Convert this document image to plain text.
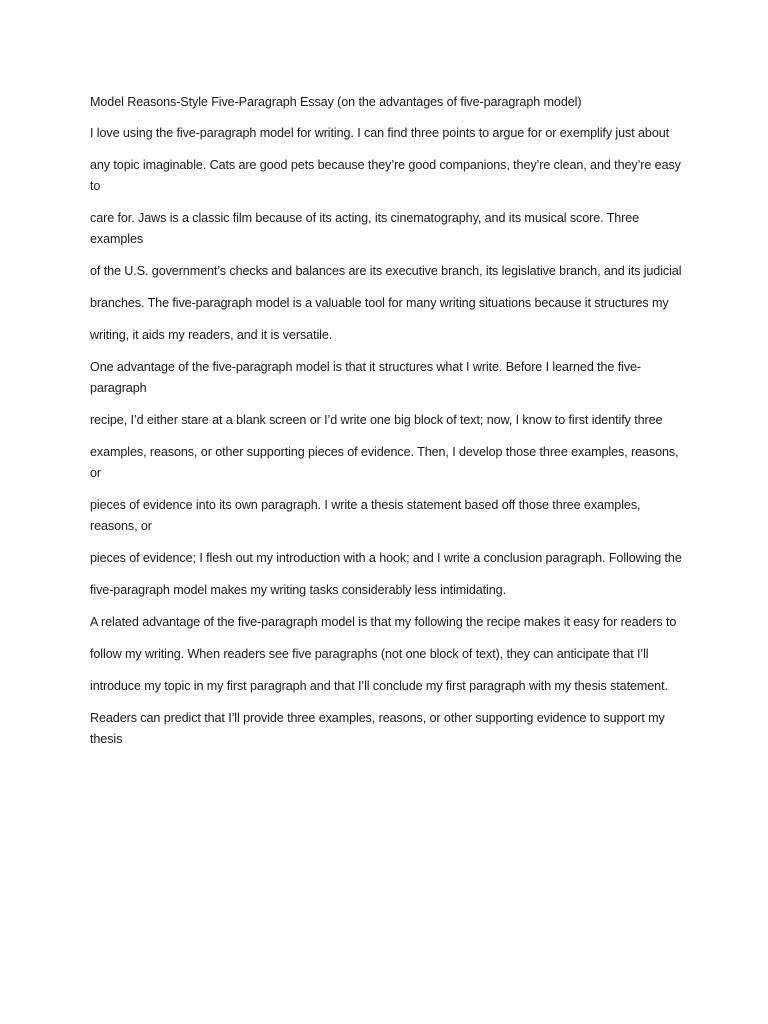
Model Reasons-Style Five-Paragraph Essay (on the advantages of five-paragraph model)
I love using the five-paragraph model for writing. I can find three points to argue for or exemplify just about
any topic imaginable. Cats are good pets because they’re good companions, they’re clean, and they’re easy to
care for. Jaws is a classic film because of its acting, its cinematography, and its musical score. Three examples
of the U.S. government’s checks and balances are its executive branch, its legislative branch, and its judicial
branches. The five-paragraph model is a valuable tool for many writing situations because it structures my
writing, it aids my readers, and it is versatile.
One advantage of the five-paragraph model is that it structures what I write. Before I learned the five-paragraph
recipe, I’d either stare at a blank screen or I’d write one big block of text; now, I know to first identify three
examples, reasons, or other supporting pieces of evidence. Then, I develop those three examples, reasons, or
pieces of evidence into its own paragraph. I write a thesis statement based off those three examples, reasons, or
pieces of evidence; I flesh out my introduction with a hook; and I write a conclusion paragraph. Following the
five-paragraph model makes my writing tasks considerably less intimidating.
A related advantage of the five-paragraph model is that my following the recipe makes it easy for readers to
follow my writing. When readers see five paragraphs (not one block of text), they can anticipate that I’ll
introduce my topic in my first paragraph and that I’ll conclude my first paragraph with my thesis statement.
Readers can predict that I’ll provide three examples, reasons, or other supporting evidence to support my thesis
